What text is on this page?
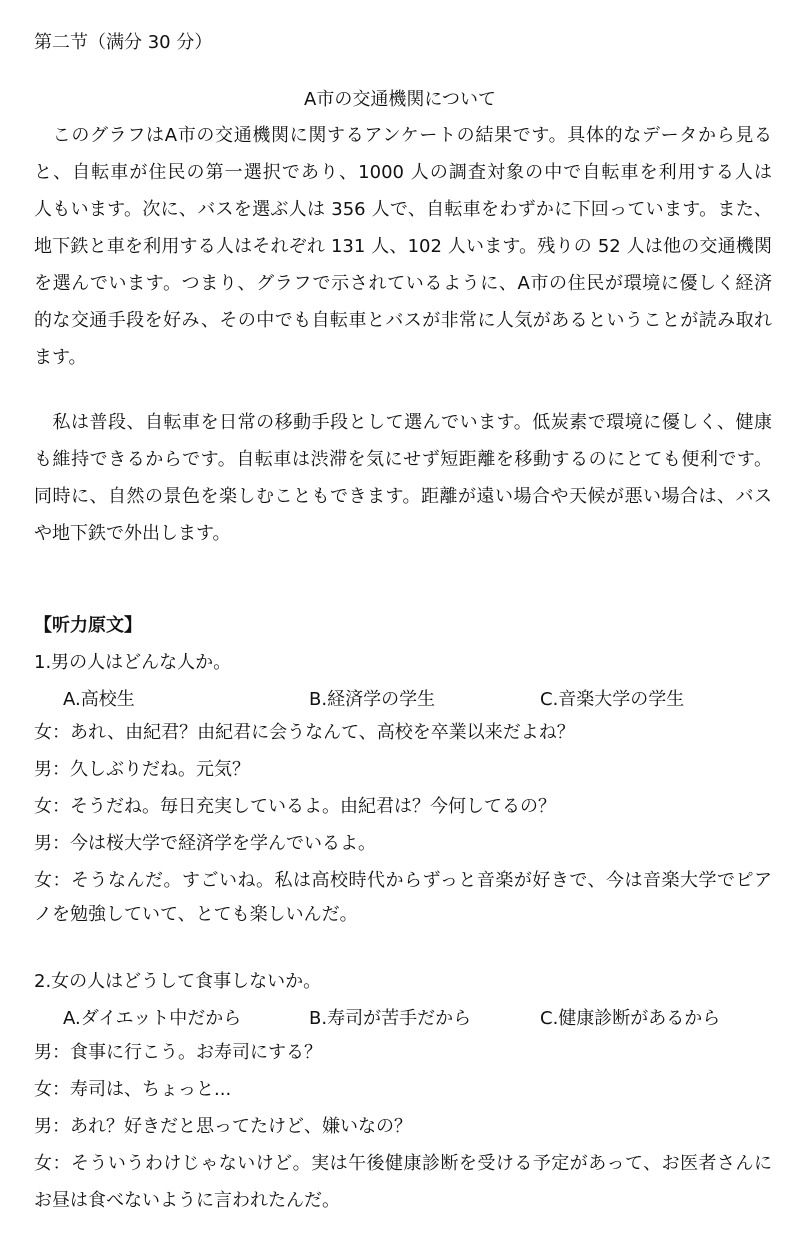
第二节（满分 30 分）
A市の交通機関について
　このグラフはA市の交通機関に関するアンケートの結果です。具体的なデータから見る
と、自転車が住民の第一選択であり、1000 人の調査対象の中で自転車を利用する人は
人もいます。次に、バスを選ぶ人は 356 人で、自転車をわずかに下回っています。また、
地下鉄と車を利用する人はそれぞれ 131 人、102 人います。残りの 52 人は他の交通機関
を選んでいます。つまり、グラフで示されているように、A市の住民が環境に優しく経済
的な交通手段を好み、その中でも自転車とバスが非常に人気があるということが読み取れ
ます。
　私は普段、自転車を日常の移動手段として選んでいます。低炭素で環境に優しく、健康
も維持できるからです。自転車は渋滞を気にせず短距離を移動するのにとても便利です。
同時に、自然の景色を楽しむこともできます。距離が遠い場合や天候が悪い場合は、バス
や地下鉄で外出します。
【听力原文】
1.男の人はどんな人か。
A.高校生	B.経済学の学生	C.音楽大学の学生
女：あれ、由紀君？由紀君に会うなんて、高校を卒業以来だよね？
男：久しぶりだね。元気？
女：そうだね。毎日充実しているよ。由紀君は？今何してるの？
男：今は桜大学で経済学を学んでいるよ。
女：そうなんだ。すごいね。私は高校時代からずっと音楽が好きで、今は音楽大学でピア
ノを勉強していて、とても楽しいんだ。
2.女の人はどうして食事しないか。
A.ダイエット中だから	B.寿司が苦手だから	C.健康診断があるから
男：食事に行こう。お寿司にする？
女：寿司は、ちょっと...
男：あれ？好きだと思ってたけど、嫌いなの？
女：そういうわけじゃないけど。実は午後健康診断を受ける予定があって、お医者さんに
お昼は食べないように言われたんだ。
